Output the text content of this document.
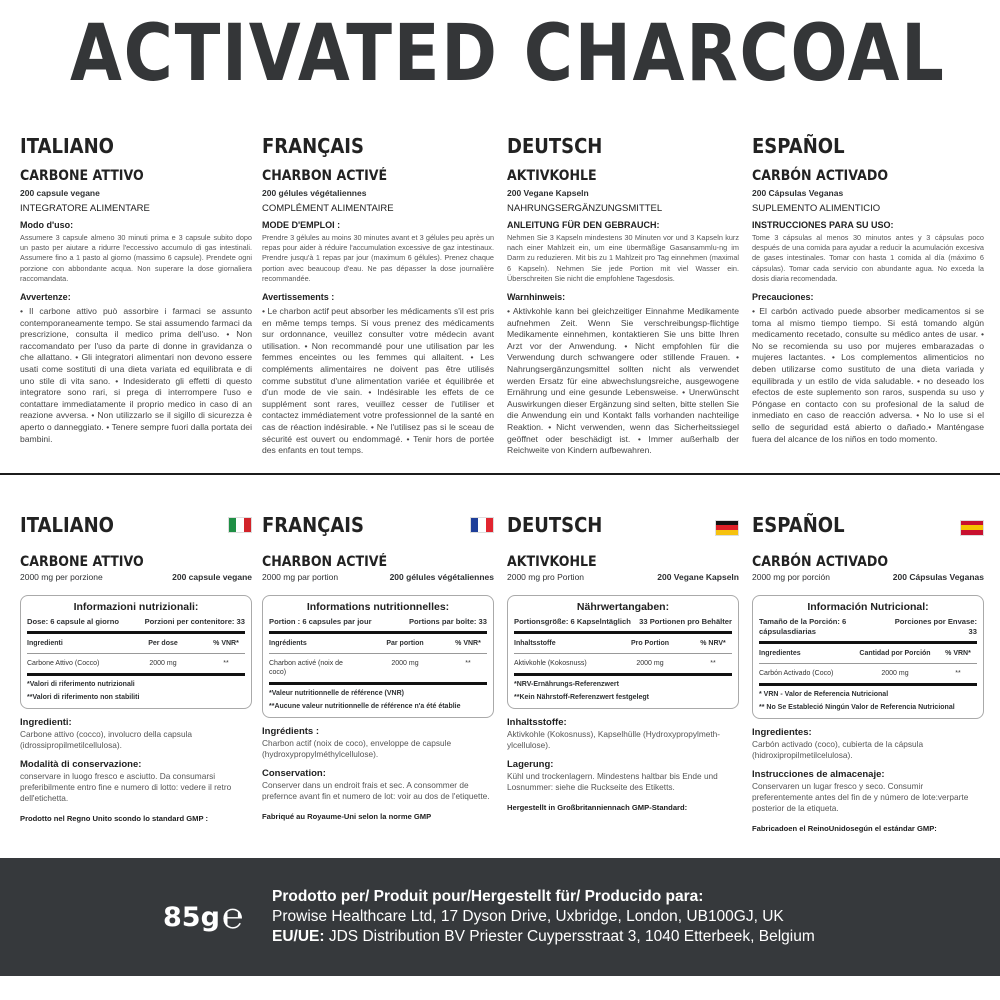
ACTIVATED CHARCOAL
ITALIANO
CARBONE ATTIVO
200 capsule vegane
INTEGRATORE ALIMENTARE
Modo d'uso:
Assumere 3 capsule almeno 30 minuti prima e 3 capsule subito dopo un pasto per aiutare a ridurre l'eccessivo accumulo di gas intestinali. Assumere fino a 1 pasto al giorno (massimo 6 capsule). Prendete ogni porzione con abbondante acqua. Non superare la dose giornaliera raccomandata.
Avvertenze:
• Il carbone attivo può assorbire i farmaci se assunto contemporaneamente tempo. Se stai assumendo farmaci da prescrizione, consulta il medico prima dell'uso. • Non raccomandato per l'uso da parte di donne in gravidanza o che allattano. • Gli integratori alimentari non devono essere usati come sostituti di una dieta variata ed equilibrata e di uno stile di vita sano. • Indesiderato gli effetti di questo integratore sono rari, si prega di interrompere l'uso e contattare immediatamente il proprio medico in caso di an reazione avversa. • Non utilizzarlo se il sigillo di sicurezza è aperto o danneggiato. • Tenere sempre fuori dalla portata dei bambini.
FRANÇAIS
CHARBON ACTIVÉ
200 gélules végétaliennes
COMPLÉMENT ALIMENTAIRE
MODE D'EMPLOI :
Prendre 3 gélules au moins 30 minutes avant et 3 gélules peu après un repas pour aider à réduire l'accumulation excessive de gaz intestinaux. Prendre jusqu'à 1 repas par jour (maximum 6 gélules). Prenez chaque portion avec beaucoup d'eau. Ne pas dépasser la dose journalière recommandée.
Avertissements :
• Le charbon actif peut absorber les médicaments s'il est pris en même temps temps. Si vous prenez des médicaments sur ordonnance, veuillez consulter votre médecin avant utilisation. • Non recommandé pour une utilisation par les femmes enceintes ou les femmes qui allaitent. • Les compléments alimentaires ne doivent pas être utilisés comme substitut d'une alimentation variée et équilibrée et d'un mode de vie sain. • Indésirable les effets de ce supplément sont rares, veuillez cesser de l'utiliser et contactez immédiatement votre professionnel de la santé en cas de réaction indésirable. • Ne l'utilisez pas si le sceau de sécurité est ouvert ou endommagé. • Tenir hors de portée des enfants en tout temps.
DEUTSCH
AKTIVKOHLE
200 Vegane Kapseln
NAHRUNGSERGÄNZUNGSMITTEL
ANLEITUNG FÜR DEN GEBRAUCH:
Nehmen Sie 3 Kapseln mindestens 30 Minuten vor und 3 Kapseln kurz nach einer Mahlzeit ein, um eine übermäßige Gasansammlu-ng im Darm zu reduzieren. Mit bis zu 1 Mahlzeit pro Tag einnehmen (maximal 6 Kapseln). Nehmen Sie jede Portion mit viel Wasser ein. Überschreiten Sie nicht die empfohlene Tagesdosis.
Warnhinweis:
• Aktivkohle kann bei gleichzeitiger Einnahme Medikamente aufnehmen Zeit. Wenn Sie verschreibungsp-flichtige Medikamente einnehmen, kontaktieren Sie uns bitte Ihren Arzt vor der Anwendung. • Nicht empfohlen für die Verwendung durch schwangere oder stillende Frauen. • Nahrungsergänzungsmittel sollten nicht als verwendet werden Ersatz für eine abwechslungsreiche, ausgewogene Ernährung und eine gesunde Lebensweise. • Unerwünscht Auswirkungen dieser Ergänzung sind selten, bitte stellen Sie die Anwendung ein und Kontakt falls vorhanden nachteilige Reaktion. • Nicht verwenden, wenn das Sicherheitssiegel geöffnet oder beschädigt ist. • Immer außerhalb der Reichweite von Kindern aufbewahren.
ESPAÑOL
CARBÓN ACTIVADO
200 Cápsulas Veganas
SUPLEMENTO ALIMENTICIO
INSTRUCCIONES PARA SU USO:
Tome 3 cápsulas al menos 30 minutos antes y 3 cápsulas poco después de una comida para ayudar a reducir la acumulación excesiva de gases intestinales. Tomar con hasta 1 comida al día (máximo 6 cápsulas). Tomar cada servicio con abundante agua. No exceda la dosis diaria recomendada.
Precauciones:
• El carbón activado puede absorber medicamentos si se toma al mismo tiempo tiempo. Si está tomando algún medicamento recetado, consulte su médico antes de usar. • No se recomienda su uso por mujeres embarazadas o mujeres lactantes. • Los complementos alimenticios no deben utilizarse como sustituto de una dieta variada y equilibrada y un estilo de vida saludable. • no deseado los efectos de este suplemento son raros, suspenda su uso y Póngase en contacto con su profesional de la salud de inmediato en caso de reacción adversa. • No lo use si el sello de seguridad está abierto o dañado.• Manténgase fuera del alcance de los niños en todo momento.
ITALIANO
CARBONE ATTIVO
2000 mg per porzione	200 capsule vegane
Informazioni nutrizionali:
Dose: 6 capsule al giorno	Porzioni per contenitore: 33
Ingredienti	Per dose	% VNR*
Carbone Attivo (Cocco)	2000 mg	**
*Valori di riferimento nutrizionali
**Valori di riferimento non stabiliti
Ingredienti:
Carbone attivo (cocco), involucro della capsula (idrossipropilmetilcellulosa).
Modalità di conservazione:
conservare in luogo fresco e asciutto. Da consumarsi preferibilmente entro fine e numero di lotto: vedere il retro dell'etichetta.
Prodotto nel Regno Unito scondo lo standard GMP :
FRANÇAIS
CHARBON ACTIVÉ
2000 mg par portion	200 gélules végétaliennes
Informations nutritionnelles:
Portion : 6 capsules par jour	Portions par boîte: 33
Ingrédients	Par portion	% VNR*
Charbon activé (noix de coco)
2000 mg	**
*Valeur nutritionnelle de référence (VNR)
**Aucune valeur nutritionnelle de référence n'a été établie
Ingrédients :
Charbon actif (noix de coco), enveloppe de capsule (hydroxypropylméthylcellulose).
Conservation:
Conserver dans un endroit frais et sec. A consommer de prefernce avant fin et numero de lot: voir au dos de l'etiquette.
Fabriqué au Royaume-Uni selon la norme GMP
DEUTSCH
AKTIVKOHLE
2000 mg pro Portion	200 Vegane Kapseln
Nährwertangaben:
Portionsgröße: 6 Kapselntäglich 33 Portionen pro Behälter
Inhaltsstoffe	Pro Portion	% NRV*
Aktivkohle (Kokosnuss)	2000 mg	**
*NRV-Ernährungs-Referenzwert
**Kein Nährstoff-Referenzwert festgelegt
Inhaltsstoffe:
Aktivkohle (Kokosnuss), Kapselhülle (Hydroxypropylmeth-ylcellulose).
Lagerung:
Kühl und trockenlagern. Mindestens haltbar bis Ende und Losnummer: siehe die Ruckseite des Etiketts.
Hergestellt in Großbritanniennach GMP-Standard:
ESPAÑOL
CARBÓN ACTIVADO
2000 mg por porción	200 Cápsulas Veganas
Información Nutricional:
Tamaño de la Porción: 6 cápsulasdiarias
Porciones por Envase: 33
Ingredientes	Cantidad por Porción	% VRN*
Carbón Activado (Coco)	2000 mg	**
* VRN - Valor de Referencia Nutricional
** No Se Estableció Ningún Valor de Referencia Nutricional
Ingredientes:
Carbón activado (coco), cubierta de la cápsula (hidroxipropilmetilcelulosa).
Instrucciones de almacenaje:
Conservaren un lugar fresco y seco. Consumir preferentemente antes del fin de y número de lote:verparte posterior de la etiqueta.
Fabricadoen el ReinoUnidosegún el estándar GMP:
85g ℮ Prodotto per/ Produit pour/Hergestellt für/ Producido para:
Prowise Healthcare Ltd, 17 Dyson Drive, Uxbridge, London, UB100GJ, UK
EU/UE: JDS Distribution BV Priester Cuypersstraat 3, 1040 Etterbeek, Belgium
